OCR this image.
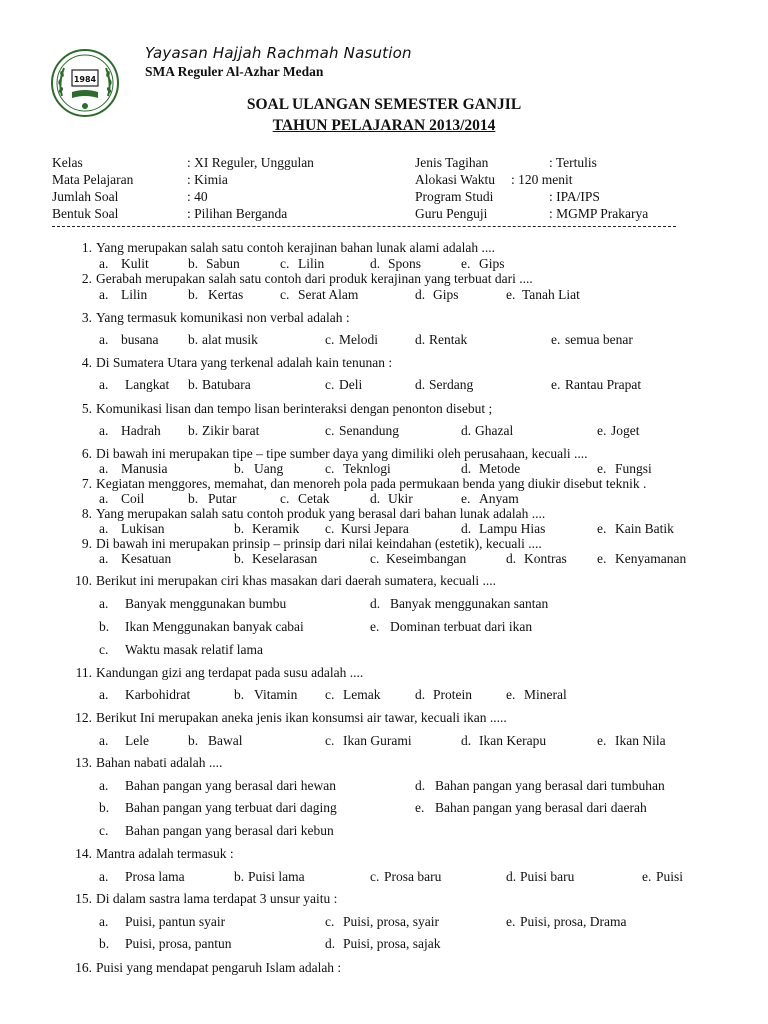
1984
Yayasan Hajjah Rachmah Nasution
SMA Reguler Al-Azhar Medan
SOAL ULANGAN SEMESTER GANJIL
TAHUN PELAJARAN 2013/2014
Kelas	: XI Reguler, Unggulan
Mata Pelajaran	: Kimia
Jumlah Soal	: 40
Bentuk Soal	: Pilihan Berganda
Jenis Tagihan	: Tertulis
Alokasi Waktu : 120 menit
Program Studi	: IPA/IPS
Guru Penguji	: MGMP Prakarya
1. Yang merupakan salah satu contoh kerajinan bahan lunak alami adalah ....
a. Kulit	b. Sabun	c. Lilin	d. Spons	e. Gips
2. Gerabah merupakan salah satu contoh dari produk kerajinan yang terbuat dari ....
a. Lilin	b. Kertas	c. Serat Alam	d. Gips	e. Tanah Liat
3. Yang termasuk komunikasi non verbal adalah :
a. busana b. alat musik	c. Melodi	d. Rentak	e. semua benar
4. Di Sumatera Utara yang terkenal adalah kain tenunan :
a. Langkat b. Batubara	c. Deli	d. Serdang	e. Rantau Prapat
5. Komunikasi lisan dan tempo lisan berinteraksi dengan penonton disebut ;
a. Hadrah b. Zikir barat	c. Senandung	d. Ghazal	e. Joget
6. Di bawah ini merupakan tipe – tipe sumber daya yang dimiliki oleh perusahaan, kecuali ....
a. Manusia	b. Uang	c. Teknlogi	d. Metode	e. Fungsi
7. Kegiatan menggores, memahat, dan menoreh pola pada permukaan benda yang diukir disebut teknik .
a. Coil	b. Putar	c. Cetak	d. Ukir	e. Anyam
8. Yang merupakan salah satu contoh produk yang berasal dari bahan lunak adalah ....
a. Lukisan	b. Keramik c. Kursi Jepara	d. Lampu Hias	e. Kain Batik
9. Di bawah ini merupakan prinsip – prinsip dari nilai keindahan (estetik), kecuali ....
a. Kesatuan	b. Keselarasan	c. Keseimbangan	d. Kontras e. Kenyamanan
10. Berikut ini merupakan ciri khas masakan dari daerah sumatera, kecuali ....
a. Banyak menggunakan bumbu	d. Banyak menggunakan santan
b. Ikan Menggunakan banyak cabai	e. Dominan terbuat dari ikan
c. Waktu masak relatif lama
11. Kandungan gizi ang terdapat pada susu adalah ....
a. Karbohidrat	b. Vitamin c. Lemak	d. Protein	e. Mineral
12. Berikut Ini merupakan aneka jenis ikan konsumsi air tawar, kecuali ikan .....
a. Lele	b. Bawal	c. Ikan Gurami	d. Ikan Kerapu	e. Ikan Nila
13. Bahan nabati adalah ....
a. Bahan pangan yang berasal dari hewan	d. Bahan pangan yang berasal dari tumbuhan
b. Bahan pangan yang terbuat dari daging	e. Bahan pangan yang berasal dari daerah
c. Bahan pangan yang berasal dari kebun
14. Mantra adalah termasuk :
a. Prosa lama	b. Puisi lama	c. Prosa baru	d. Puisi baru	e. Puisi
15. Di dalam sastra lama terdapat 3 unsur yaitu :
a. Puisi, pantun syair	c. Puisi, prosa, syair	e. Puisi, prosa, Drama
b. Puisi, prosa, pantun	d. Puisi, prosa, sajak
16. Puisi yang mendapat pengaruh Islam adalah :
